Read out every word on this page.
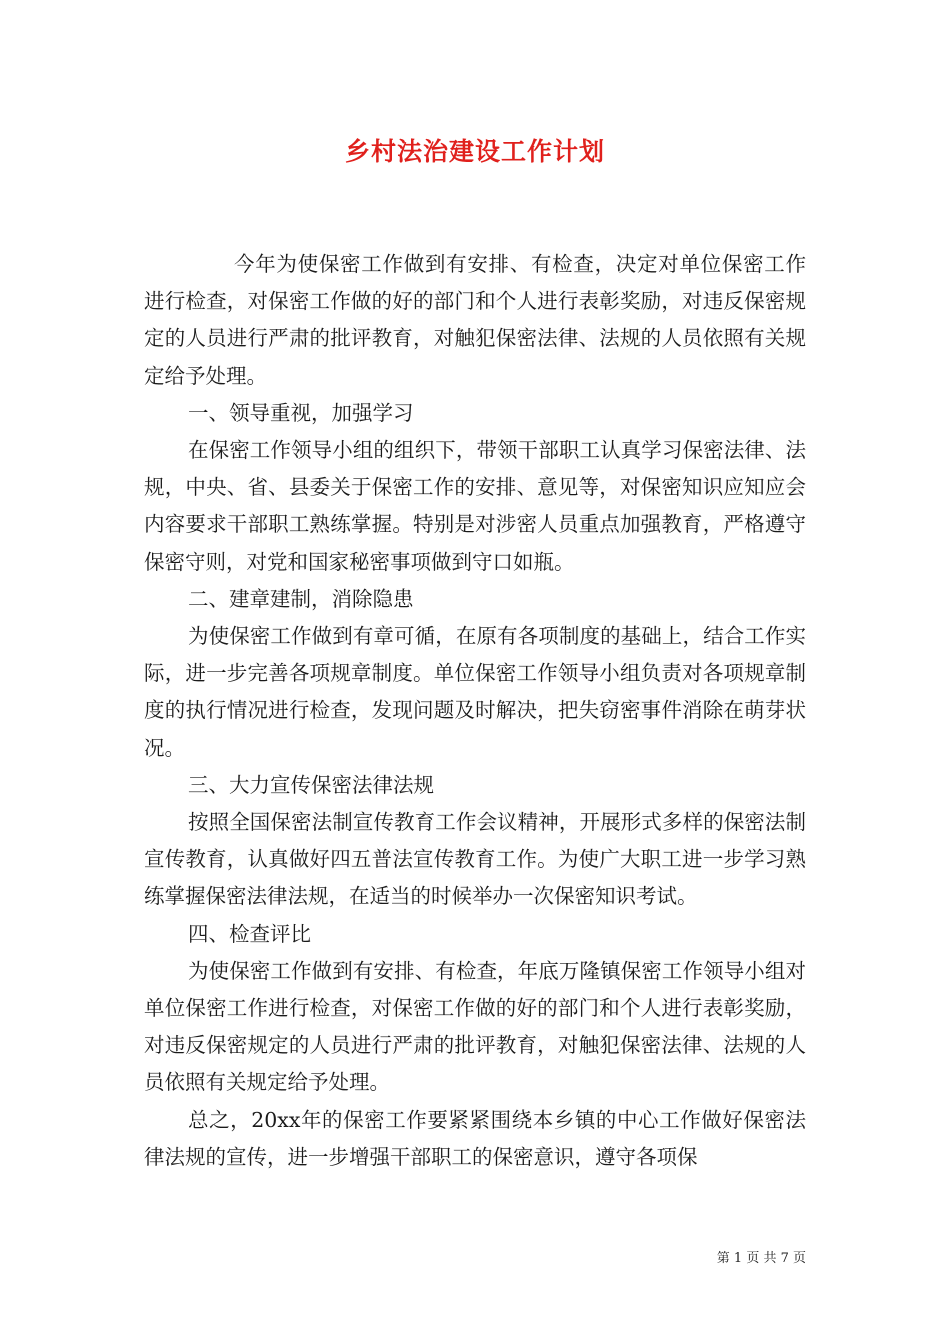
乡村法治建设工作计划

今年为使保密工作做到有安排、有检查，决定对单位保密工作进行检查，对保密工作做的好的部门和个人进行表彰奖励，对违反保密规定的人员进行严肃的批评教育，对触犯保密法律、法规的人员依照有关规定给予处理。

一、领导重视，加强学习

在保密工作领导小组的组织下，带领干部职工认真学习保密法律、法规，中央、省、县委关于保密工作的安排、意见等，对保密知识应知应会内容要求干部职工熟练掌握。特别是对涉密人员重点加强教育，严格遵守保密守则，对党和国家秘密事项做到守口如瓶。

二、建章建制，消除隐患

为使保密工作做到有章可循，在原有各项制度的基础上，结合工作实际，进一步完善各项规章制度。单位保密工作领导小组负责对各项规章制度的执行情况进行检查，发现问题及时解决，把失窃密事件消除在萌芽状况。

三、大力宣传保密法律法规

按照全国保密法制宣传教育工作会议精神，开展形式多样的保密法制宣传教育，认真做好四五普法宣传教育工作。为使广大职工进一步学习熟练掌握保密法律法规，在适当的时候举办一次保密知识考试。

四、检查评比

为使保密工作做到有安排、有检查，年底万隆镇保密工作领导小组对单位保密工作进行检查，对保密工作做的好的部门和个人进行表彰奖励，对违反保密规定的人员进行严肃的批评教育，对触犯保密法律、法规的人员依照有关规定给予处理。

总之，20xx年的保密工作要紧紧围绕本乡镇的中心工作做好保密法律法规的宣传，进一步增强干部职工的保密意识，遵守各项保

第 1 页 共 7 页
